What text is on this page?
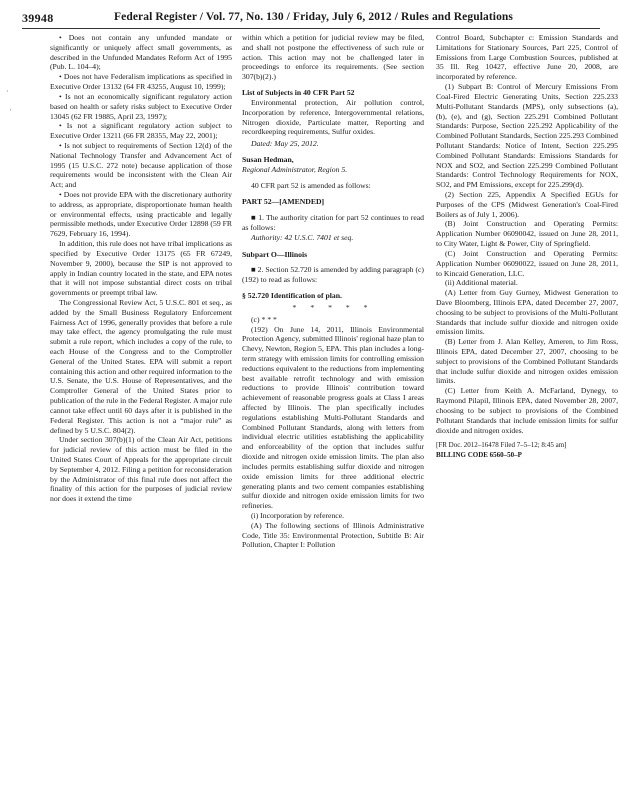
39948	Federal Register / Vol. 77, No. 130 / Friday, July 6, 2012 / Rules and Regulations
·
'

• Does not contain any unfunded mandate or significantly or uniquely affect small governments, as described in the Unfunded Mandates Reform Act of 1995 (Pub. L. 104–4);

• Does not have Federalism implications as specified in Executive Order 13132 (64 FR 43255, August 10, 1999);

• Is not an economically significant regulatory action based on health or safety risks subject to Executive Order 13045 (62 FR 19885, April 23, 1997);

• Is not a significant regulatory action subject to Executive Order 13211 (66 FR 28355, May 22, 2001);

• Is not subject to requirements of Section 12(d) of the National Technology Transfer and Advancement Act of 1995 (15 U.S.C. 272 note) because application of those requirements would be inconsistent with the Clean Air Act; and

• Does not provide EPA with the discretionary authority to address, as appropriate, disproportionate human health or environmental effects, using practicable and legally permissible methods, under Executive Order 12898 (59 FR 7629, February 16, 1994).

In addition, this rule does not have tribal implications as specified by Executive Order 13175 (65 FR 67249, November 9, 2000), because the SIP is not approved to apply in Indian country located in the state, and EPA notes that it will not impose substantial direct costs on tribal governments or preempt tribal law.

The Congressional Review Act, 5 U.S.C. 801 et seq., as added by the Small Business Regulatory Enforcement Fairness Act of 1996, generally provides that before a rule may take effect, the agency promulgating the rule must submit a rule report, which includes a copy of the rule, to each House of the Congress and to the Comptroller General of the United States. EPA will submit a report containing this action and other required information to the U.S. Senate, the U.S. House of Representatives, and the Comptroller General of the United States prior to publication of the rule in the Federal Register. A major rule cannot take effect until 60 days after it is published in the Federal Register. This action is not a “major rule” as defined by 5 U.S.C. 804(2).

Under section 307(b)(1) of the Clean Air Act, petitions for judicial review of this action must be filed in the United States Court of Appeals for the appropriate circuit by September 4, 2012. Filing a petition for reconsideration by the Administrator of this final rule does not affect the finality of this action for the purposes of judicial review nor does it extend the time

within which a petition for judicial review may be filed, and shall not postpone the effectiveness of such rule or action. This action may not be challenged later in proceedings to enforce its requirements. (See section 307(b)(2).)

List of Subjects in 40 CFR Part 52

Environmental protection, Air pollution control, Incorporation by reference, Intergovernmental relations, Nitrogen dioxide, Particulate matter, Reporting and recordkeeping requirements, Sulfur oxides.

Dated: May 25, 2012.

Susan Hedman,

Regional Administrator, Region 5.

40 CFR part 52 is amended as follows:

PART 52—[AMENDED]

■ 1. The authority citation for part 52 continues to read as follows:

Authority: 42 U.S.C. 7401 et seq.

Subpart O—Illinois

■ 2. Section 52.720 is amended by adding paragraph (c)(192) to read as follows:

§ 52.720 Identification of plan.

* * * * *

(c) * * *

(192) On June 14, 2011, Illinois Environmental Protection Agency, submitted Illinois' regional haze plan to Chevy, Newton, Region 5, EPA. This plan includes a long-term strategy with emission limits for controlling emission reductions equivalent to the reductions from implementing best available retrofit technology and with emission reductions to provide Illinois' contribution toward achievement of reasonable progress goals at Class I areas affected by Illinois. The plan specifically includes regulations establishing Multi-Pollutant Standards and Combined Pollutant Standards, along with letters from individual electric utilities establishing the applicability and enforceability of the option that includes sulfur dioxide and nitrogen oxide emission limits. The plan also includes permits establishing sulfur dioxide and nitrogen oxide emission limits for three additional electric generating plants and two cement companies establishing sulfur dioxide and nitrogen oxide emission limits for two refineries.

(i) Incorporation by reference.

(A) The following sections of Illinois Administrative Code, Title 35: Environmental Protection, Subtitle B: Air Pollution, Chapter I: Pollution

Control Board, Subchapter c: Emission Standards and Limitations for Stationary Sources, Part 225, Control of Emissions from Large Combustion Sources, published at 35 Ill. Reg 10427, effective June 20, 2008, are incorporated by reference.

(1) Subpart B: Control of Mercury Emissions From Coal-Fired Electric Generating Units, Section 225.233 Multi-Pollutant Standards (MPS), only subsections (a), (b), (e), and (g), Section 225.291 Combined Pollutant Standards: Purpose, Section 225.292 Applicability of the Combined Pollutant Standards, Section 225.293 Combined Pollutant Standards: Notice of Intent, Section 225.295 Combined Pollutant Standards: Emissions Standards for NOX and SO2, and Section 225.299 Combined Pollutant Standards: Control Technology Requirements for NOX, SO2, and PM Emissions, except for 225.299(d).

(2) Section 225, Appendix A Specified EGUs for Purposes of the CPS (Midwest Generation's Coal-Fired Boilers as of July 1, 2006).

(B) Joint Construction and Operating Permits: Application Number 06090042, issued on June 28, 2011, to City Water, Light & Power, City of Springfield.

(C) Joint Construction and Operating Permits: Application Number 06090022, issued on June 28, 2011, to Kincaid Generation, LLC.

(ii) Additional material.

(A) Letter from Guy Gurney, Midwest Generation to Dave Bloomberg, Illinois EPA, dated December 27, 2007, choosing to be subject to provisions of the Multi-Pollutant Standards that include sulfur dioxide and nitrogen oxide emission limits.

(B) Letter from J. Alan Kelley, Ameren, to Jim Ross, Illinois EPA, dated December 27, 2007, choosing to be subject to provisions of the Combined Pollutant Standards that include sulfur dioxide and nitrogen oxides emission limits.

(C) Letter from Keith A. McFarland, Dynegy, to Raymond Pilapil, Illinois EPA, dated November 28, 2007, choosing to be subject to provisions of the Combined Pollutant Standards that include emission limits for sulfur dioxide and nitrogen oxides.

[FR Doc. 2012–16478 Filed 7–5–12; 8:45 am]

BILLING CODE 6560–50–P
